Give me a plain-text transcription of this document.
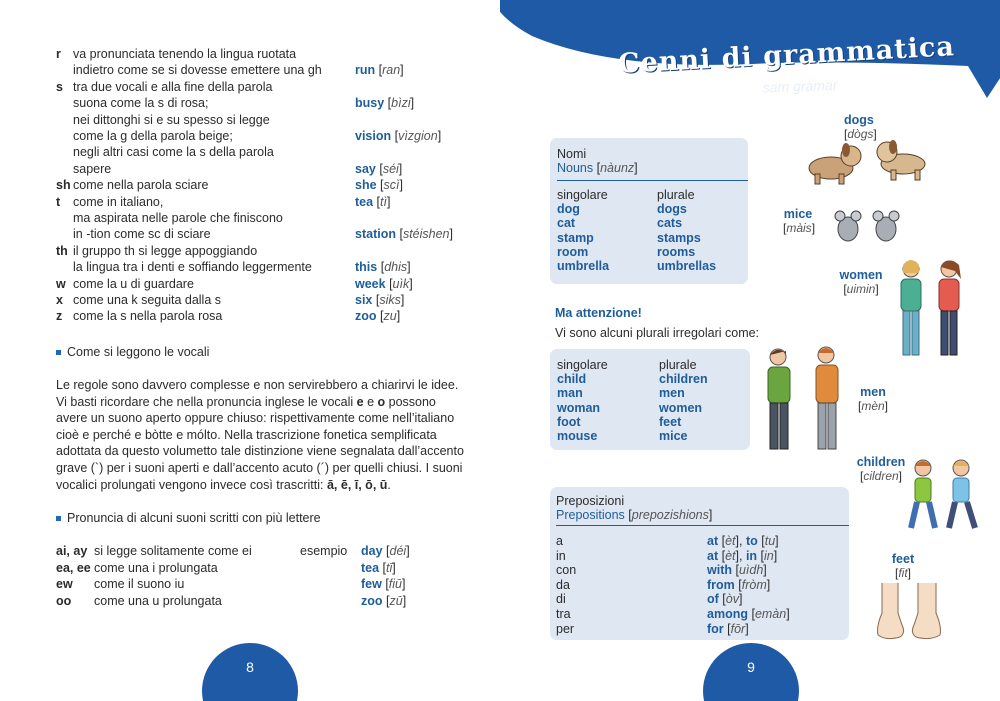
r va pronunciata tenendo la lingua ruotata
indietro come se si dovesse emettere una gh	run [ran]
s tra due vocali e alla fine della parola
suona come la s di rosa;	busy [bìzi]
nei dittonghi si e su spesso si legge
come la g della parola beige;	vision [vìzgion]
negli altri casi come la s della parola
sapere	say [séi]
sh come nella parola sciare	she [scì]
t come in italiano,	tea [tì]
ma aspirata nelle parole che finiscono
in -tion come sc di sciare	station [stéishen]
th il gruppo th si legge appoggiando
la lingua tra i denti e soffiando leggermente	this [dhis]
w come la u di guardare	week [uìk]
x come una k seguita dalla s	six [siks]
z come la s nella parola rosa	zoo [zu]
Come si leggono le vocali
Le regole sono davvero complesse e non servirebbero a chiarirvi le idee.
Vi basti ricordare che nella pronuncia inglese le vocali e e o possono
avere un suono aperto oppure chiuso: rispettivamente come nell’italiano
cioè e perché e bòtte e mólto. Nella trascrizione fonetica semplificata
adottata da questo volumetto tale distinzione viene segnalata dall’accento
grave (`) per i suoni aperti e dall’accento acuto (´) per quelli chiusi. I suoni
vocalici prolungati vengono invece così trascritti: ā, ē, ī, ō, ū.
Pronuncia di alcuni suoni scritti con più lettere
ai, ay si legge solitamente come ei	esempio day [déi]
ea, ee come una i prolungata	tea [tī]
ew come il suono iu	few [fiū]
oo come una u prolungata	zoo [zū]
8
Cenni di grammatica
Some grammar [sam gràmar]
Nomi
Nouns [nàunz]
singolare	plurale
dog	dogs
cat	cats
stamp	stamps
room	rooms
umbrella	umbrellas
Ma attenzione!
Vi sono alcuni plurali irregolari come:
singolare	plurale
child	children
man	men
woman	women
foot	feet
mouse	mice
Preposizioni
Prepositions [prepozishions]
a	at [èt], to [tu]
in	at [èt], in [in]
con	with [uìdh]
da	from [fròm]
di	of [òv]
tra	among [emàn]
per	for [fōr]
dogs
[dògs]
mice
[màis]
women
[uimin]
men
[mèn]
children
[cildren]
feet
[fit]
9
